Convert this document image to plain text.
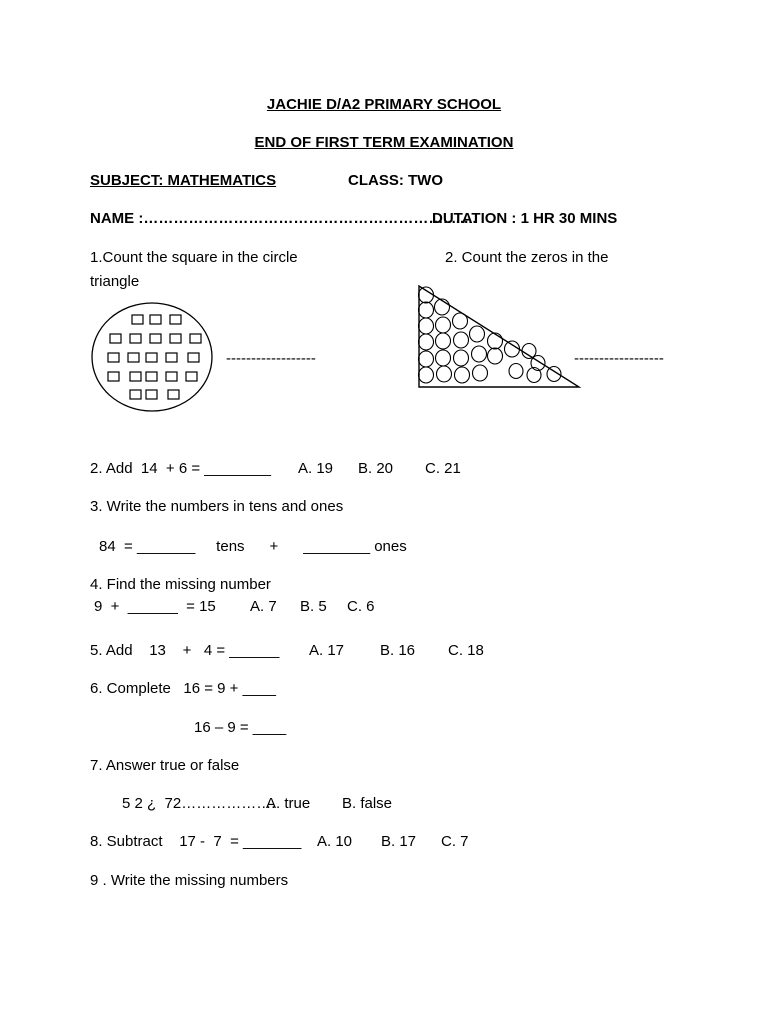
JACHIE D/A2 PRIMARY SCHOOL
END OF FIRST TERM EXAMINATION
SUBJECT: MATHEMATICS	CLASS: TWO
NAME :……………………………………………………........
DUTATION : 1 HR 30 MINS
1.Count the square in the circle
triangle
2. Count the zeros in the
------------------	------------------
2. Add  14  + 6 = ________ A. 19 B. 20 C. 21
3. Write the numbers in tens and ones
84  = _______     tens      +      ________ ones
4. Find the missing number
9  +  ______  = 15 A. 7 B. 5 C. 6
5. Add    13    +   4 = ______ A. 17 B. 16 C. 18
6. Complete   16 = 9 + ____
16 – 9 = ____
7. Answer true or false
5 2 ¿  72……………….
A. true B. false
8. Subtract    17 -  7  = _______ A. 10 B. 17 C. 7
9 . Write the missing numbers
